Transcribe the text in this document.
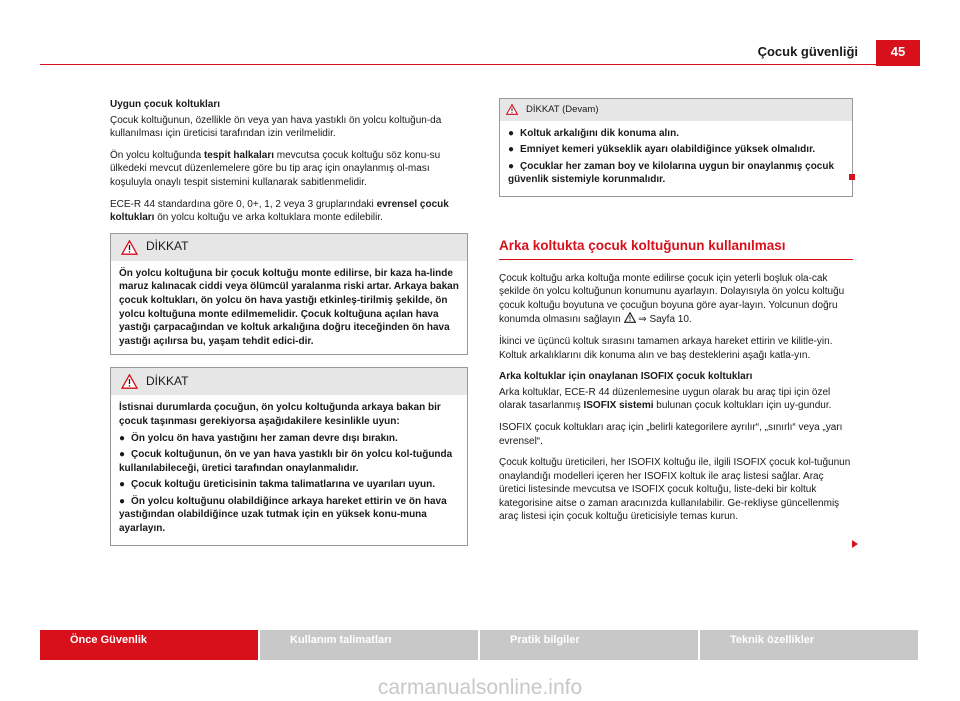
Çocuk güvenliği	45
Uygun çocuk koltukları

Çocuk koltuğunun, özellikle ön veya yan hava yastıklı ön yolcu koltuğun-da kullanılması için üreticisi tarafından izin verilmelidir.

Ön yolcu koltuğunda tespit halkaları mevcutsa çocuk koltuğu söz konu-su ülkedeki mevcut düzenlemelere göre bu tip araç için onaylanmış ol-ması koşuluyla onaylı tespit sistemini kullanarak sabitlenmelidir.

ECE-R 44 standardına göre 0, 0+, 1, 2 veya 3 gruplarındaki evrensel çocuk koltukları ön yolcu koltuğu ve arka koltuklara monte edilebilir.

DİKKAT
Ön yolcu koltuğuna bir çocuk koltuğu monte edilirse, bir kaza ha-linde maruz kalınacak ciddi veya ölümcül yaralanma riski artar. Arkaya bakan çocuk koltukları, ön yolcu ön hava yastığı etkinleş-tirilmiş şekilde, ön yolcu koltuğuna monte edilmemelidir. Çocuk koltuğuna açılan hava yastığı çarpacağından ve koltuk arkalığına doğru iteceğinden ön hava yastığı açılırsa bu, yaşam tehdit edici-dir.
DİKKAT
İstisnai durumlarda çocuğun, ön yolcu koltuğunda arkaya bakan bir çocuk taşınması gerekiyorsa aşağıdakilere kesinlikle uyun:
● Ön yolcu ön hava yastığını her zaman devre dışı bırakın.
● Çocuk koltuğunun, ön ve yan hava yastıklı bir ön yolcu kol-tuğunda kullanılabileceği, üretici tarafından onaylanmalıdır.
● Çocuk koltuğu üreticisinin takma talimatlarına ve uyarıları uyun.
● Ön yolcu koltuğunu olabildiğince arkaya hareket ettirin ve ön hava yastığından olabildiğince uzak tutmak için en yüksek konu-muna ayarlayın.
DİKKAT (Devam)
● Koltuk arkalığını dik konuma alın.
● Emniyet kemeri yükseklik ayarı olabildiğince yüksek olmalıdır.
● Çocuklar her zaman boy ve kilolarına uygun bir onaylanmış çocuk güvenlik sistemiyle korunmalıdır.
Arka koltukta çocuk koltuğunun kullanılması

Çocuk koltuğu arka koltuğa monte edilirse çocuk için yeterli boşluk ola-cak şekilde ön yolcu koltuğunun konumunu ayarlayın. Dolayısıyla ön yolcu koltuğu çocuk koltuğu boyutuna ve çocuğun boyuna göre ayar-layın. Yolcunun doğru konumda olmasını sağlayın  ⇒ Sayfa 10.

İkinci ve üçüncü koltuk sırasını tamamen arkaya hareket ettirin ve kilitle-yin. Koltuk arkalıklarını dik konuma alın ve baş desteklerini aşağı katla-yın.

Arka koltuklar için onaylanan ISOFIX çocuk koltukları

Arka koltuklar, ECE-R 44 düzenlemesine uygun olarak bu araç tipi için özel olarak tasarlanmış ISOFIX sistemi bulunan çocuk koltukları için uy-gundur.

ISOFIX çocuk koltukları araç için „belirli kategorilere ayrılır“, „sınırlı“ veya „yarı evrensel“.

Çocuk koltuğu üreticileri, her ISOFIX koltuğu ile, ilgili ISOFIX çocuk kol-tuğunun onaylandığı modelleri içeren her ISOFIX koltuk ile araç listesi sağlar. Araç üretici listesinde mevcutsa ve ISOFIX çocuk koltuğu, liste-deki bir koltuk kategorisine aitse o zaman aracınızda kullanılabilir. Ge-rekliyse güncellenmiş araç listesi için çocuk koltuğu üreticisiyle temas kurun.

Önce Güvenlik	Kullanım talimatları	Pratik bilgiler	Teknik özellikler
carmanualsonline.info
